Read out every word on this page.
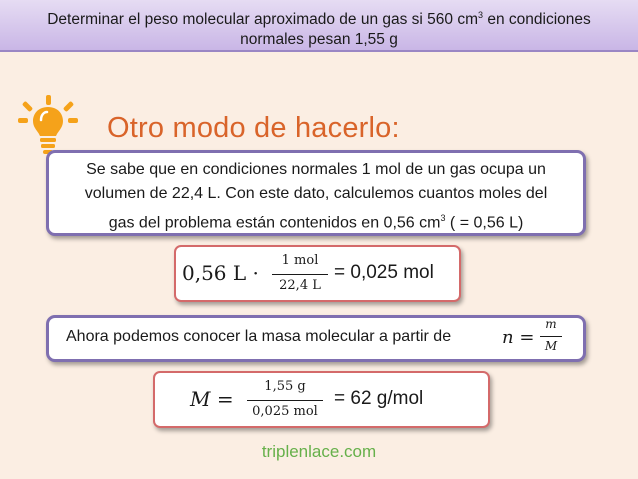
Determinar el peso molecular aproximado de un gas si 560 $cm^3$ en condiciones
normales pesan 1,55 g
Otro modo de hacerlo:
Se sabe que en condiciones normales 1 mol de un gas ocupa un
volumen de 22,4 L. Con este dato, calculemos cuantos moles del
gas del problema están contenidos en 0,56 $cm^3$ ( = 0,56 L)
0,56 L ·
1 mol
22,4 L
= 0,025 mol
Ahora podemos conocer la masa molecular a partir de	n =
m
M
M =
1,55 g
0,025 mol
= 62 g/mol
triplenlace.com
